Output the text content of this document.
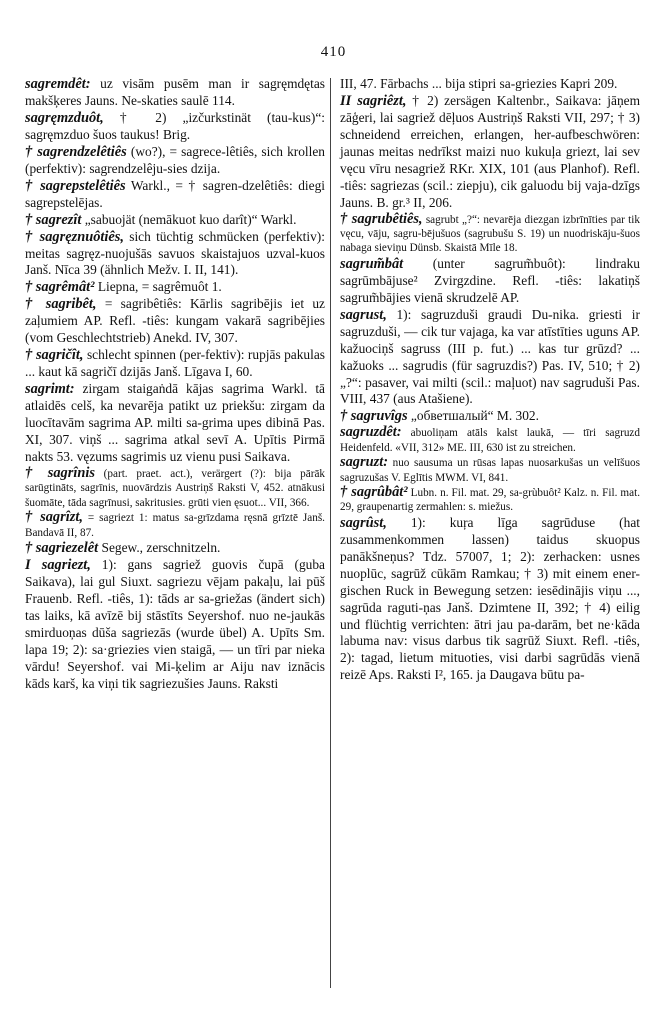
410

sagremdêt: uz visām pusēm man ir sagręmdętas makšķeres Jauns. Ne-skaties saulē 114.

sagręmzduôt, † 2) „izčurkstinät (tau-kus)“: sagręmzduo šuos taukus! Brig.

† sagrendzelêtiês (wo?), = sagrece-lêtiês, sich krollen (perfektiv): sagrendzelêju-sies dzija.

† sagrepstelêtiês Warkl., = † sagren-dzelêtiês: diegi sagrepstelējas.

† sagrezît „sabuojät (nemākuot kuo darît)“ Warkl.

† sagręznuôtiês, sich tüchtig schmücken (perfektiv): meitas sagręz-nuojušās savuos skaistajuos uzval-kuos Janš. Nīca 39 (ähnlich Mežv. I. II, 141).

† sagrêmât² Liepna, = sagrêmuôt 1.

† sagribêt, = sagribêtiês: Kārlis sagribējis iet uz zaļumiem AP. Refl. -tiês: kungam vakarā sagribējies (vom Geschlechtstrieb) Anekd. IV, 307.

† sagričît, schlecht spinnen (per-fektiv): rupjās pakulas ... kaut kā sagričī dzijās Janš. Līgava I, 60.

sagrimt: zirgam staigaṅdā kājas sagrima Warkl. tā atlaidēs celš, ka nevarēja patikt uz priekšu: zirgam da luocītavām sagrima AP. milti sa-grima upes dibinā Pas. XI, 307. viņš ... sagrima atkal sevī A. Upītis Pirmā nakts 53. vęzums sagrimis uz vienu pusi Saikava.

† sagrînis (part. praet. act.), verärgert (?): bija pārāk sarūgtināts, sagrīnis, nuovārdzis Austriņš Raksti V, 452. atnākusi šuomāte, tāda sagrīnusi, sakritusies. grūti vien ęsuot... VII, 366.

† sagrîzt, = sagriezt 1: matus sa-grīzdama ręsnā grīztē Janš. Bandavā II, 87.

† sagriezelêt Segew., zerschnitzeln.

I sagriezt, 1): gans sagriež guovis čupā (guba Saikava), lai gul Siuxt. sagriezu vējam pakaļu, lai pūš Frauenb. Refl. -tiês, 1): tāds ar sa-griežas (ändert sich) tas laiks, kā avīzē bij stāstīts Seyershof. nuo ne-jaukās smirduoņas dūša sagriezās (wurde übel) A. Upīts Sm. lapa 19; 2): sa·griezies vien staigā, — un tīri par nieka vārdu! Seyershof. vai Mi-ķelim ar Aiju nav iznācis kāds karš, ka viņi tik sagriezušies Jauns. Raksti

III, 47. Fārbachs ... bija stipri sa-griezies Kapri 209.

II sagriêzt, † 2) zersägen Kaltenbr., Saikava: jāņem zāģeri, lai sagriež dēļuos Austriņš Raksti VII, 297; † 3) schneidend erreichen, erlangen, her-aufbeschwören: jaunas meitas nedrīkst maizi nuo kukuļa griezt, lai sev vęcu vīru nesagriež RKr. XIX, 101 (aus Planhof). Refl. -tiês: sagriezas (scil.: ziepju), cik galuodu bij vaja-dzīgs Jauns. B. gr.³ II, 206.

† sagrubêtiês, sagrubt „?“: nevarēja diezgan izbrīnīties par tik vęcu, vāju, sagru-bējušuos (sagrubušu S. 19) un nuodriskāju-šuos nabaga sieviņu Dünsb. Skaistā Mīle 18.

sagrum̃bât (unter sagrum̃buôt): lindraku sagrūmbājuse² Zvirgzdine. Refl. -tiês: lakatiņš sagrum̃bājies vienā skrudzelē AP.

sagrust, 1): sagruzduši graudi Du-nika. griesti ir sagruzduši, — cik tur vajaga, ka var atīstīties uguns AP. kažuociņš sagruss (III p. fut.) ... kas tur grūzd? ... kažuoks ... sagrudis (für sagruzdis?) Pas. IV, 510; † 2) „?“: pasaver, vai milti (scil.: maļuot) nav sagruduši Pas. VIII, 437 (aus Atašiene).

† sagruvîgs „обветшалый“ M. 302.

sagruzdêt: abuoliņam atāls kalst laukā, — tīri sagruzd Heidenfeld. «VII, 312» ME. III, 630 ist zu streichen.

sagruzt: nuo sausuma un rūsas lapas nuosarkušas un velīšuos sagruzušas V. Eglītis MWM. VI, 841.

† sagrûbât² Lubn. n. Fil. mat. 29, sa-grùbuôt² Kalz. n. Fil. mat. 29, graupenartig zermahlen: s. miežus.

sagrûst, 1): kuŗa līga sagrūduse (hat zusammenkommen lassen) taidus skuopus panākšneņus? Tdz. 57007, 1; 2): zerhacken: usnes nuoplūc, sagrūž cūkām Ramkau; † 3) mit einem ener-gischen Ruck in Bewegung setzen: iesēdinājis viņu ..., sagrūda raguti-ņas Janš. Dzimtene II, 392; † 4) eilig und flüchtig verrichten: ātri jau pa-darām, bet ne·kāda labuma nav: visus darbus tik sagrūž Siuxt. Refl. -tiês, 2): tagad, lietum mituoties, visi darbi sagrūdās vienā reizē Aps. Raksti I², 165. ja Daugava būtu pa-
